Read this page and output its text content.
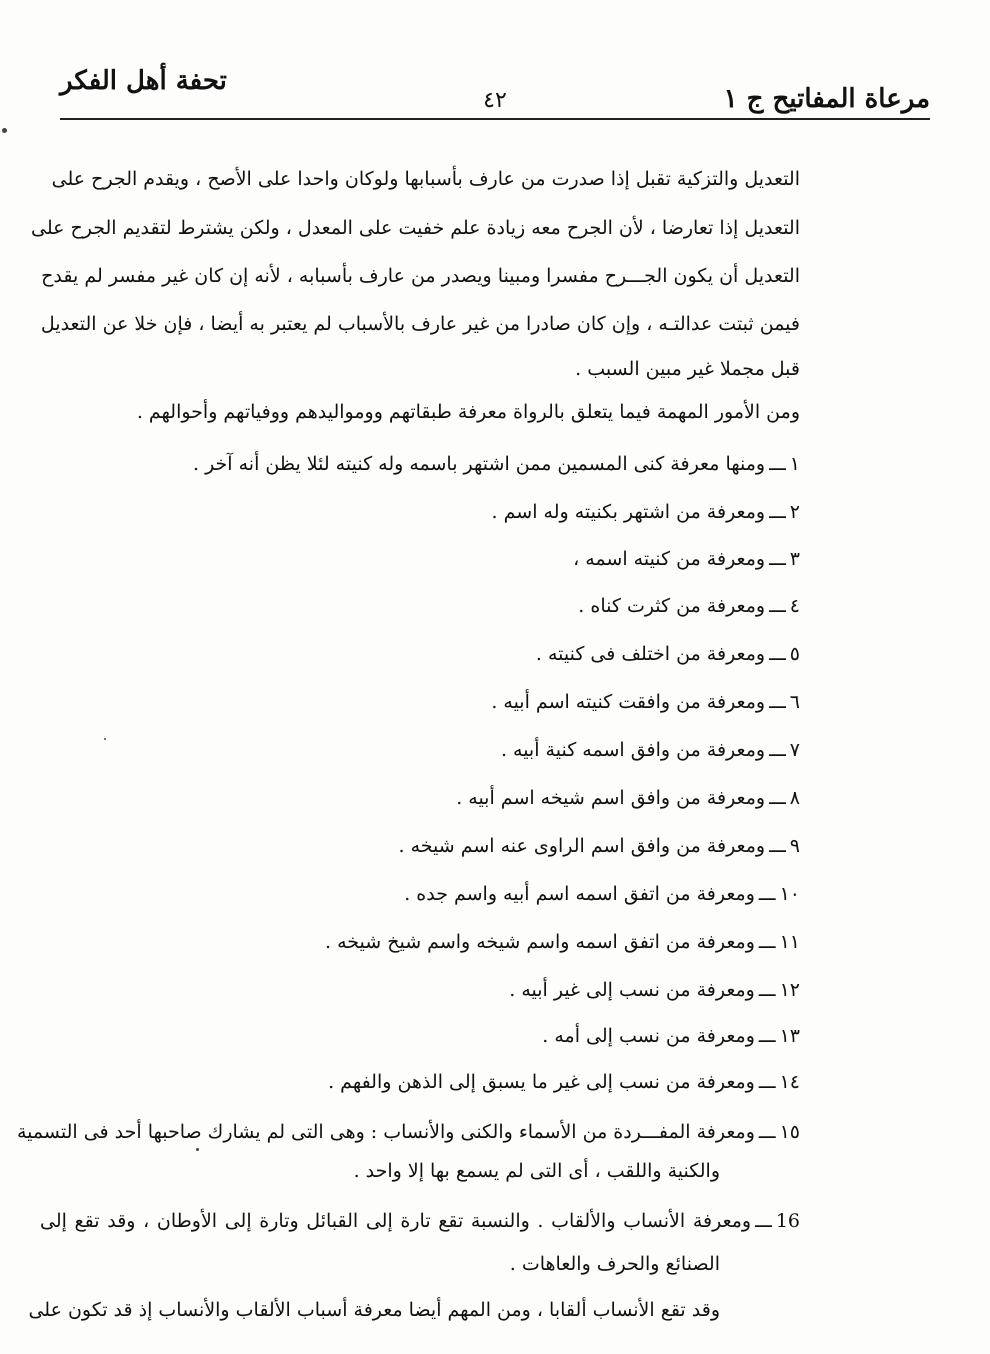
مرعاة المفاتيح ج ١
٤٢
تحفة أهل الفكر
التعديل والتزكية تقبل إذا صدرت من عارف بأسبابها ولوكان واحدا على الأصح ، ويقدم الجرح على
التعديل إذا تعارضا ، لأن الجرح معه زيادة علم خفيت على المعدل ، ولكن يشترط لتقديم الجرح على
التعديل أن يكون الجـــرح مفسرا ومبينا ويصدر من عارف بأسبابه ، لأنه إن كان غير مفسر لم يقدح
فيمن ثبتت عدالتـه ، وإن كان صادرا من غير عارف بالأسباب لم يعتبر به أيضا ، فإن خلا عن التعديل
قبل مجملا غير مبين السبب .
ومن الأمور المهمة فيما يتعلق بالرواة معرفة طبقاتهم وومواليدهم ووفياتهم وأحوالهم .
١ـــومنها معرفة كنى المسمين ممن اشتهر باسمه وله كنيته لئلا يظن أنه آخر .
٢ـــومعرفة من اشتهر بكنيته وله اسم .
٣ـــومعرفة من كنيته اسمه ،
٤ـــومعرفة من كثرت كناه .
٥ـــومعرفة من اختلف فى كنيته .
٦ـــومعرفة من وافقت كنيته اسم أبيه .
٧ـــومعرفة من وافق اسمه كنية أبيه .
٨ـــومعرفة من وافق اسم شيخه اسم أبيه .
٩ـــومعرفة من وافق اسم الراوى عنه اسم شيخه .
١٠ـــومعرفة من اتفق اسمه اسم أبيه واسم جده .
١١ـــومعرفة من اتفق اسمه واسم شيخه واسم شيخ شيخه .
١٢ـــومعرفة من نسب إلى غير أبيه .
١٣ـــومعرفة من نسب إلى أمه .
١٤ـــومعرفة من نسب إلى غير ما يسبق إلى الذهن والفهم .
١٥ـــومعرفة المفـــردة من الأسماء والكنى والأنساب : وهى التى لم يشارك صاحبها أحد فى التسمية
والكنية واللقب ، أى التى لم يسمع بها إلا واحد .
16ـــومعرفة الأنساب والألقاب . والنسبة تقع تارة إلى القبائل وتارة إلى الأوطان ، وقد تقع إلى
الصنائع والحرف والعاهات .
وقد تقع الأنساب ألقابا ، ومن المهم أيضا معرفة أسباب الألقاب والأنساب إذ قد تكون على
